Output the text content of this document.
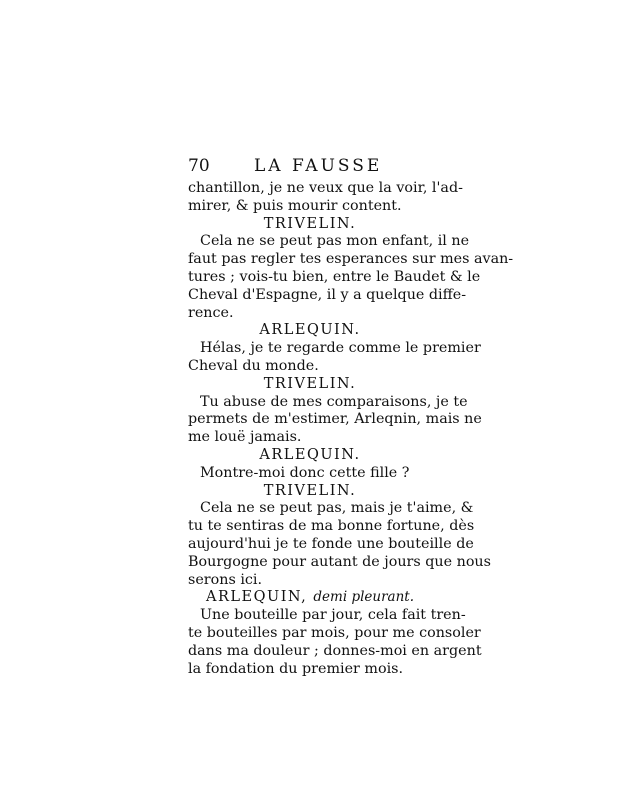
70	LA FAUSSE
chantillon, je ne veux que la voir, l'ad-
mirer, & puis mourir content.
TRIVELIN.
Cela ne se peut pas mon enfant, il ne
faut pas regler tes esperances sur mes avan-
tures ; vois-tu bien, entre le Baudet & le
Cheval d'Espagne, il y a quelque diffe-
rence.
ARLEQUIN.
Hélas, je te regarde comme le premier
Cheval du monde.
TRIVELIN.
Tu abuse de mes comparaisons, je te
permets de m'estimer, Arleqnin, mais ne
me louë jamais.
ARLEQUIN.
Montre-moi donc cette fille ?
TRIVELIN.
Cela ne se peut pas, mais je t'aime, &
tu te sentiras de ma bonne fortune, dès
aujourd'hui je te fonde une bouteille de
Bourgogne pour autant de jours que nous
serons ici.
ARLEQUIN, demi pleurant.
Une bouteille par jour, cela fait tren-
te bouteilles par mois, pour me consoler
dans ma douleur ; donnes-moi en argent
la fondation du premier mois.
